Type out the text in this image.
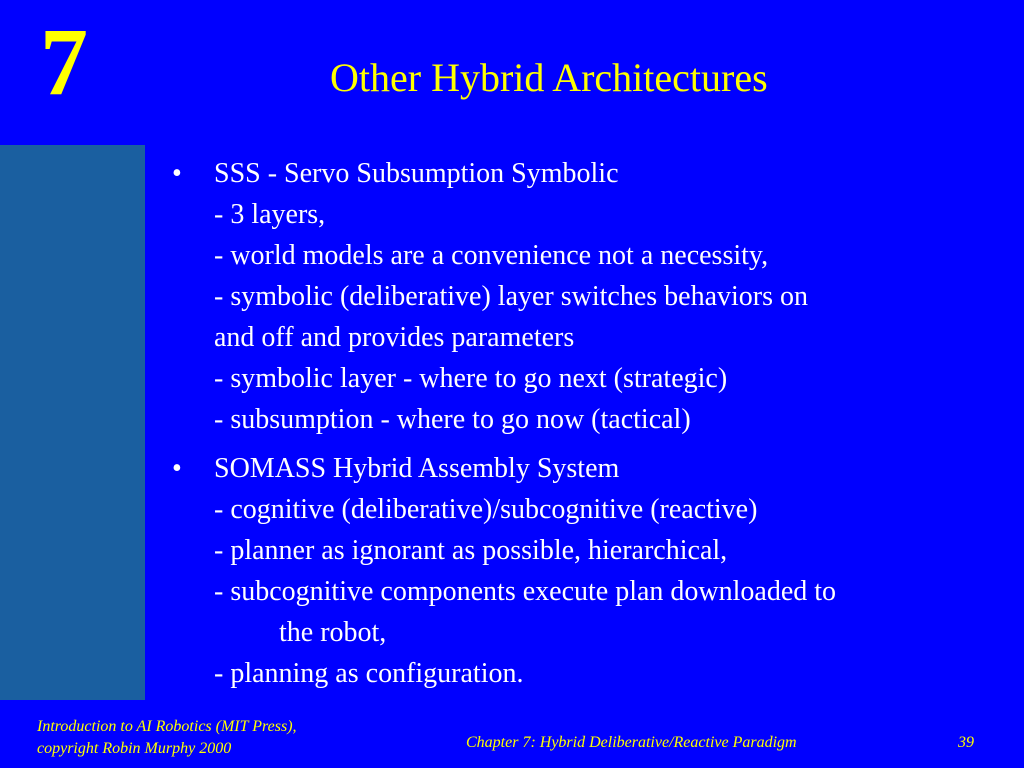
7	Other Hybrid Architectures
•	SSS - Servo Subsumption Symbolic
- 3 layers,
- world models are a convenience not a necessity,
- symbolic (deliberative) layer switches behaviors on
and off and provides parameters
- symbolic layer - where to go next (strategic)
- subsumption - where to go now (tactical)
•	SOMASS Hybrid Assembly System
- cognitive (deliberative)/subcognitive (reactive)
- planner as ignorant as possible, hierarchical,
- subcognitive components execute plan downloaded to
the robot,
- planning as configuration.
Introduction to AI Robotics (MIT Press),
copyright Robin Murphy 2000	Chapter 7: Hybrid Deliberative/Reactive Paradigm	39
